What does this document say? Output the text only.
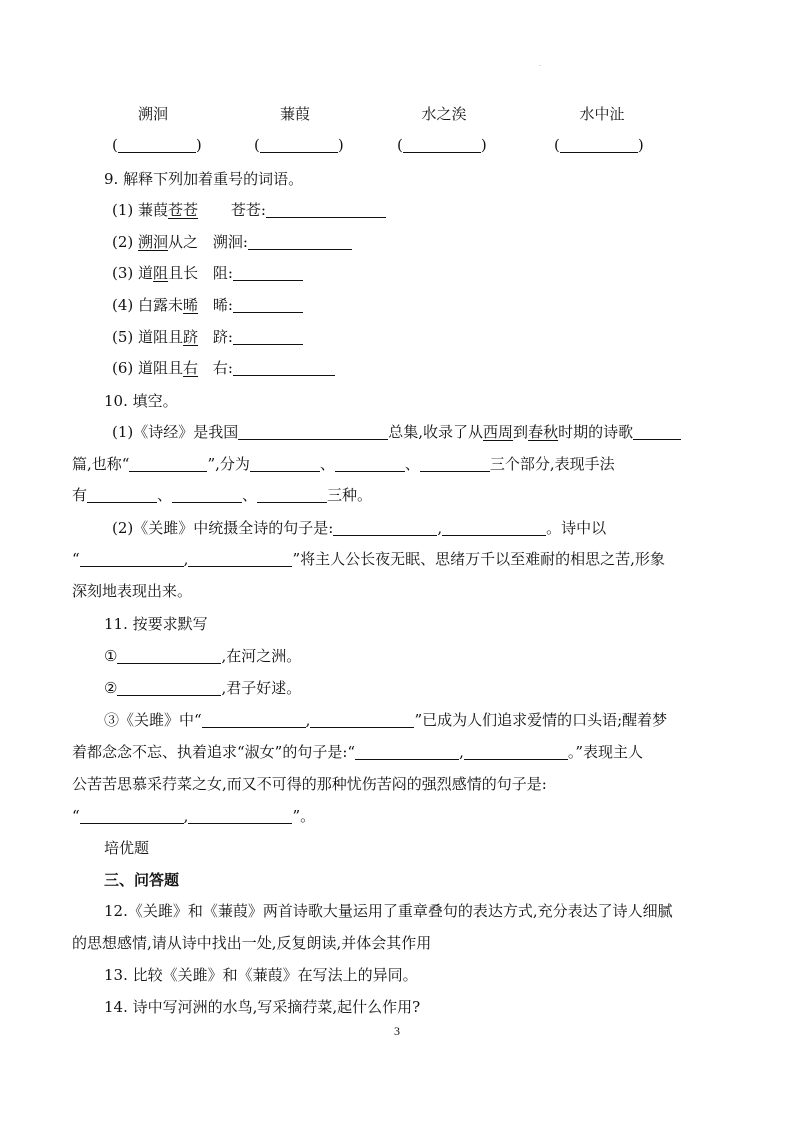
·
溯洄	蒹葭	水之涘	水中沚
(	)	(	)	(	)	(	)
9. 解释下列加着重号的词语。
(1) 蒹葭苍苍 苍苍:
(2) 溯洄从之 溯洄:
(3) 道阻且长 阻:
(4) 白露未晞 晞:
(5) 道阻且跻 跻:
(6) 道阻且右 右:
10. 填空。
(1)《诗经》是我国	总集,收录了从西周到春秋时期的诗歌
篇,也称“	”,分为	、	、	三个部分,表现手法
有	、	、	三种。
(2)《关雎》中统摄全诗的句子是:	,	。诗中以
“	,	”将主人公长夜无眠、思绪万千以至难耐的相思之苦,形象
深刻地表现出来。
11. 按要求默写
①	,在河之洲。
②	,君子好逑。
③《关雎》中“	,	”已成为人们追求爱情的口头语;醒着梦
着都念念不忘、执着追求“淑女”的句子是:“	,	。”表现主人
公苦苦思慕采荇菜之女,而又不可得的那种忧伤苦闷的强烈感情的句子是:
“	,	”。
培优题
三、问答题
12.《关雎》和《蒹葭》两首诗歌大量运用了重章叠句的表达方式,充分表达了诗人细腻
的思想感情,请从诗中找出一处,反复朗读,并体会其作用
13. 比较《关雎》和《蒹葭》在写法上的异同。
14. 诗中写河洲的水鸟,写采摘荇菜,起什么作用?
3
